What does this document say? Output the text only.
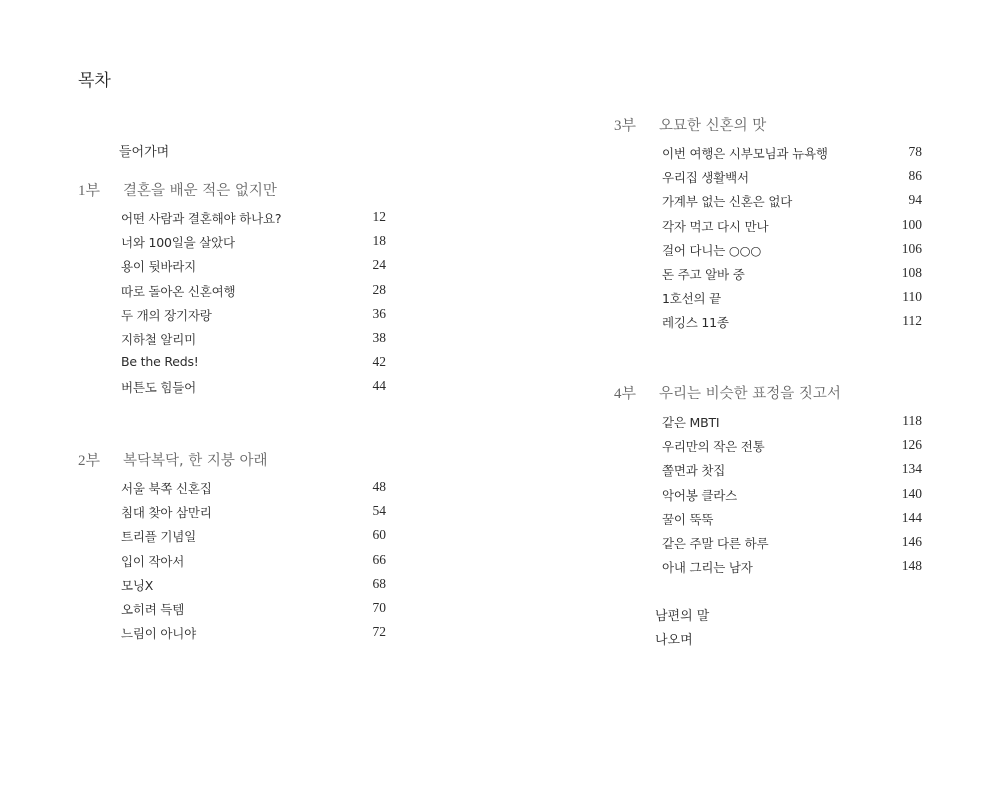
목차
들어가며
1부 결혼을 배운 적은 없지만
어떤 사람과 결혼해야 하나요?	12
너와 100일을 살았다	18
용이 뒷바라지	24
따로 돌아온 신혼여행	28
두 개의 장기자랑	36
지하철 알리미	38
Be the Reds!	42
버튼도 힘들어	44
2부 복닥복닥, 한 지붕 아래
서울 북쪽 신혼집	48
침대 찾아 삼만리	54
트리플 기념일	60
입이 작아서	66
모닝X	68
오히려 득템	70
느림이 아니야	72
3부 오묘한 신혼의 맛
이번 여행은 시부모님과 뉴욕행	78
우리집 생활백서	86
가계부 없는 신혼은 없다	94
각자 먹고 다시 만나	100
걸어 다니는 ○○○	106
돈 주고 알바 중	108
1호선의 끝	110
레깅스 11종	112
4부 우리는 비슷한 표정을 짓고서
같은 MBTI	118
우리만의 작은 전통	126
쫄면과 찻집	134
악어봉 클라스	140
꿀이 뚝뚝	144
같은 주말 다른 하루	146
아내 그리는 남자	148
남편의 말
나오며
